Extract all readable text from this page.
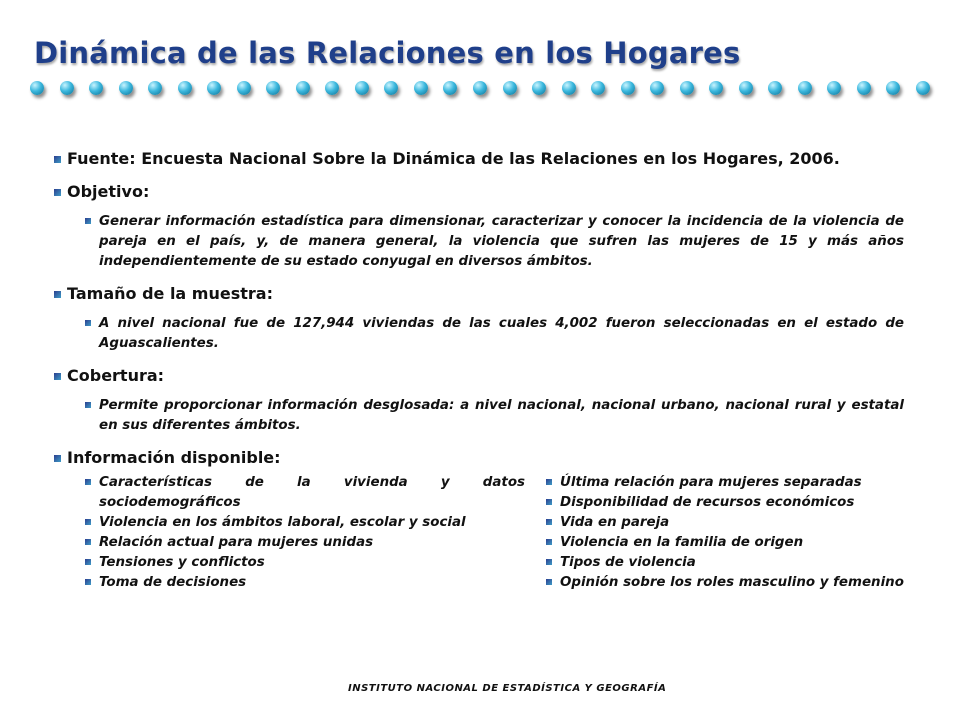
Dinámica de las Relaciones en los Hogares
Fuente: Encuesta Nacional Sobre la Dinámica de las Relaciones en los Hogares, 2006.
Objetivo:
Generar información estadística para dimensionar, caracterizar y conocer la incidencia de la violencia de pareja en el país, y, de manera general, la violencia que sufren las mujeres de 15 y más años independientemente de su estado conyugal en diversos ámbitos.
Tamaño de la muestra:
A nivel nacional fue de 127,944 viviendas de las cuales 4,002 fueron seleccionadas en el estado de Aguascalientes.
Cobertura:
Permite proporcionar información desglosada: a nivel nacional, nacional urbano, nacional rural y estatal en sus diferentes ámbitos.
Información disponible:
Características de la vivienda y datos sociodemográficos
Violencia en los ámbitos laboral, escolar y social
Relación actual para mujeres unidas
Tensiones y conflictos
Toma de decisiones
Última relación para mujeres separadas
Disponibilidad de recursos económicos
Vida en pareja
Violencia en la familia de origen
Tipos de violencia
Opinión sobre los roles masculino y femenino
INSTITUTO NACIONAL DE ESTADÍSTICA Y GEOGRAFÍA
